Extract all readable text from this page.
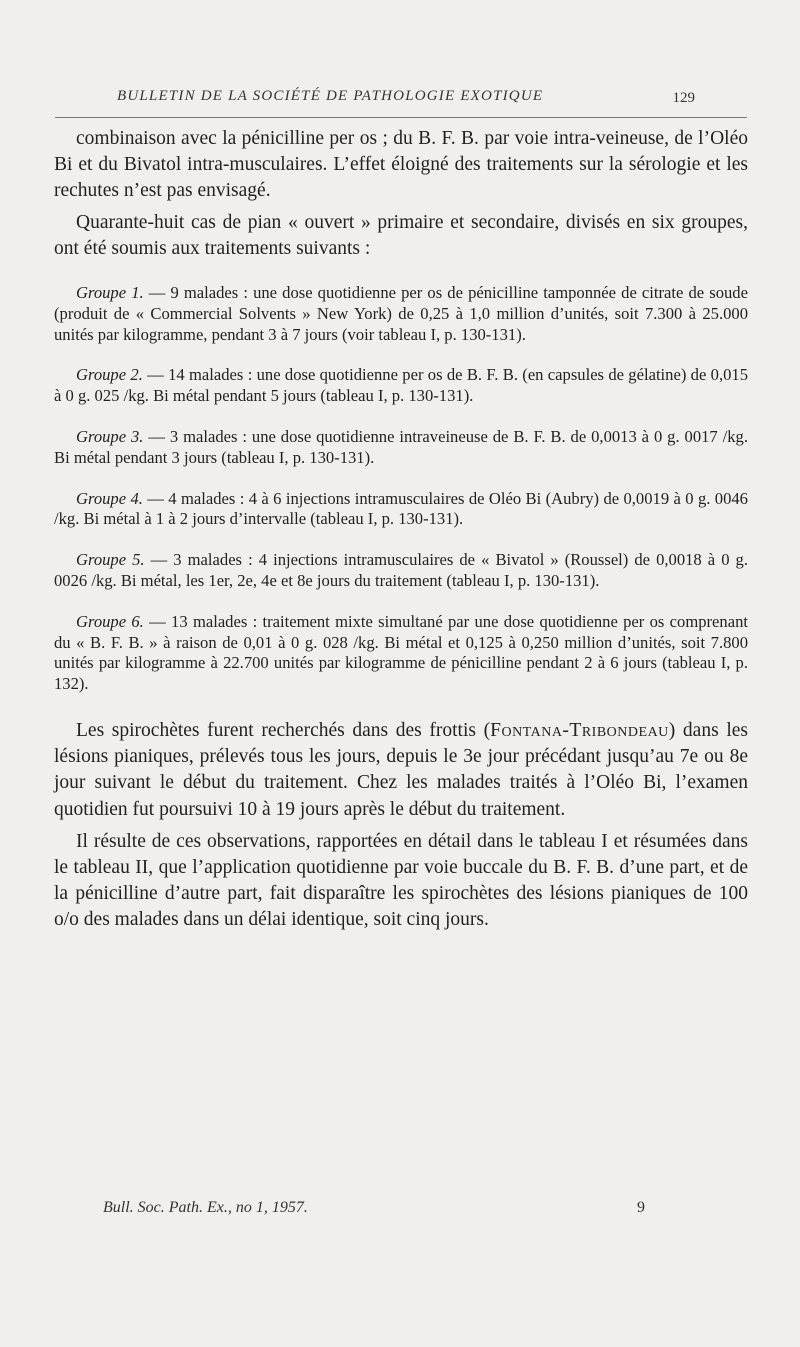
BULLETIN DE LA SOCIÉTÉ DE PATHOLOGIE EXOTIQUE	129

combinaison avec la pénicilline per os ; du B. F. B. par voie intra-veineuse, de l’Oléo Bi et du Bivatol intra-musculaires. L’effet éloigné des traitements sur la sérologie et les rechutes n’est pas envisagé.

Quarante-huit cas de pian « ouvert » primaire et secondaire, divisés en six groupes, ont été soumis aux traitements suivants :

Groupe 1. — 9 malades : une dose quotidienne per os de pénicilline tamponnée de citrate de soude (produit de « Commercial Solvents » New York) de 0,25 à 1,0 million d’unités, soit 7.300 à 25.000 unités par kilogramme, pendant 3 à 7 jours (voir tableau I, p. 130-131).

Groupe 2. — 14 malades : une dose quotidienne per os de B. F. B. (en capsules de gélatine) de 0,015 à 0 g. 025 /kg. Bi métal pendant 5 jours (tableau I, p. 130-131).

Groupe 3. — 3 malades : une dose quotidienne intraveineuse de B. F. B. de 0,0013 à 0 g. 0017 /kg. Bi métal pendant 3 jours (tableau I, p. 130-131).

Groupe 4. — 4 malades : 4 à 6 injections intramusculaires de Oléo Bi (Aubry) de 0,0019 à 0 g. 0046 /kg. Bi métal à 1 à 2 jours d’intervalle (tableau I, p. 130-131).

Groupe 5. — 3 malades : 4 injections intramusculaires de « Bivatol » (Roussel) de 0,0018 à 0 g. 0026 /kg. Bi métal, les 1er, 2e, 4e et 8e jours du traitement (tableau I, p. 130-131).

Groupe 6. — 13 malades : traitement mixte simultané par une dose quotidienne per os comprenant du « B. F. B. » à raison de 0,01 à 0 g. 028 /kg. Bi métal et 0,125 à 0,250 million d’unités, soit 7.800 unités par kilogramme à 22.700 unités par kilogramme de pénicilline pendant 2 à 6 jours (tableau I, p. 132).

Les spirochètes furent recherchés dans des frottis (Fontana-Tribondeau) dans les lésions pianiques, prélevés tous les jours, depuis le 3e jour précédant jusqu’au 7e ou 8e jour suivant le début du traitement. Chez les malades traités à l’Oléo Bi, l’examen quotidien fut poursuivi 10 à 19 jours après le début du traitement.

Il résulte de ces observations, rapportées en détail dans le tableau I et résumées dans le tableau II, que l’application quotidienne par voie buccale du B. F. B. d’une part, et de la pénicilline d’autre part, fait disparaître les spirochètes des lésions pianiques de 100 o/o des malades dans un délai identique, soit cinq jours.

Bull. Soc. Path. Ex., no 1, 1957.	9
